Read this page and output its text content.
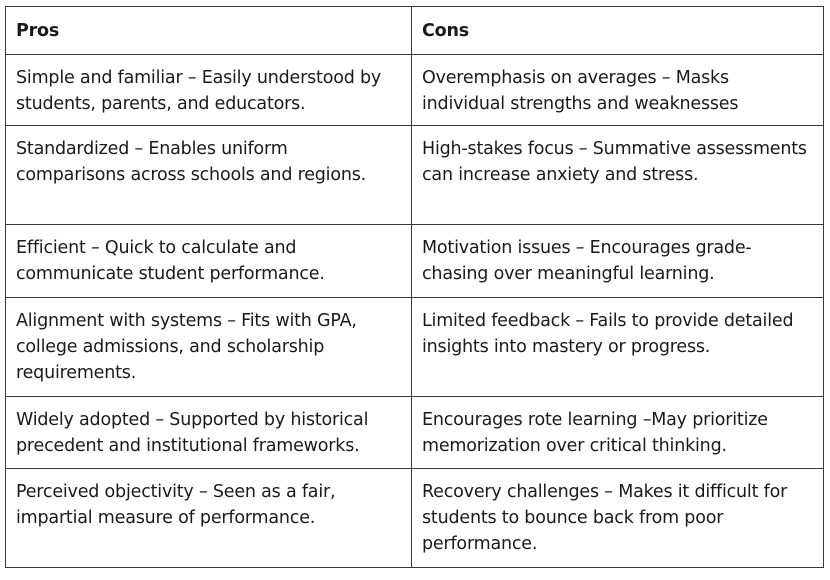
Pros	Cons
Simple and familiar – Easily understood by students, parents, and educators.	Overemphasis on averages – Masks individual strengths and weaknesses
Standardized – Enables uniform comparisons across schools and regions.	High-stakes focus – Summative assessments can increase anxiety and stress.
Efficient – Quick to calculate and communicate student performance.	Motivation issues – Encourages grade-chasing over meaningful learning.
Alignment with systems – Fits with GPA, college admissions, and scholarship requirements.	Limited feedback – Fails to provide detailed insights into mastery or progress.
Widely adopted – Supported by historical precedent and institutional frameworks.	Encourages rote learning –May prioritize memorization over critical thinking.
Perceived objectivity – Seen as a fair, impartial measure of performance.	Recovery challenges – Makes it difficult for students to bounce back from poor performance.
